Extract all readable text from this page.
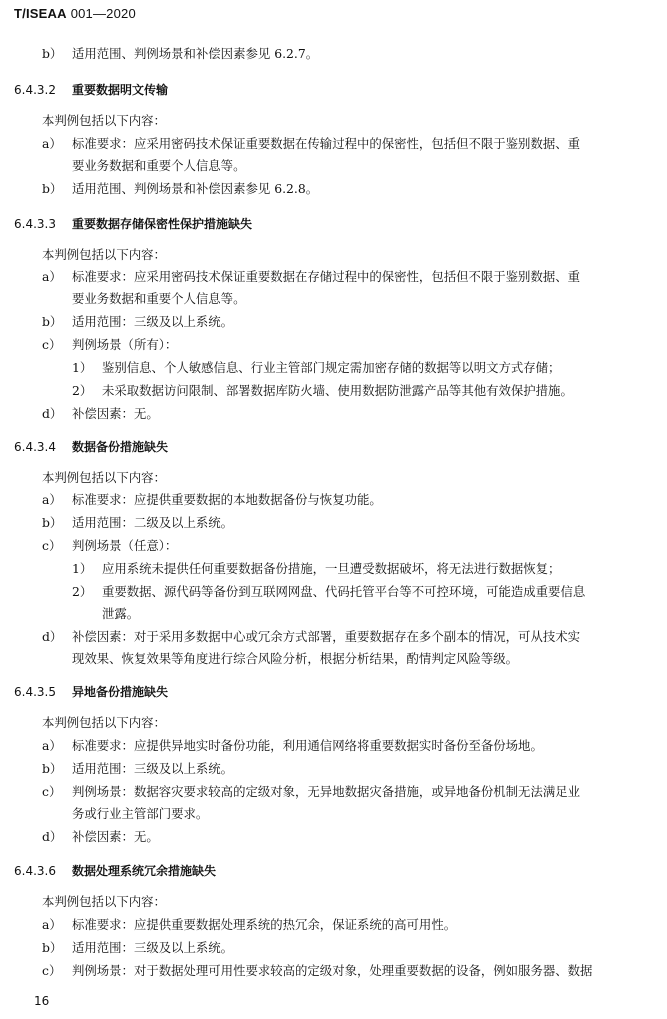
T/ISEAA 001—2020
b） 适用范围、判例场景和补偿因素参见 6.2.7。
6.4.3.2 重要数据明文传输
本判例包括以下内容：
a） 标准要求：应采用密码技术保证重要数据在传输过程中的保密性，包括但不限于鉴别数据、重
要业务数据和重要个人信息等。
b） 适用范围、判例场景和补偿因素参见 6.2.8。
6.4.3.3 重要数据存储保密性保护措施缺失
本判例包括以下内容：
a） 标准要求：应采用密码技术保证重要数据在存储过程中的保密性，包括但不限于鉴别数据、重
要业务数据和重要个人信息等。
b） 适用范围：三级及以上系统。
c） 判例场景（所有）：
1） 鉴别信息、个人敏感信息、行业主管部门规定需加密存储的数据等以明文方式存储；
2） 未采取数据访问限制、部署数据库防火墙、使用数据防泄露产品等其他有效保护措施。
d） 补偿因素：无。
6.4.3.4 数据备份措施缺失
本判例包括以下内容：
a） 标准要求：应提供重要数据的本地数据备份与恢复功能。
b） 适用范围：二级及以上系统。
c） 判例场景（任意）：
1） 应用系统未提供任何重要数据备份措施，一旦遭受数据破坏，将无法进行数据恢复；
2） 重要数据、源代码等备份到互联网网盘、代码托管平台等不可控环境，可能造成重要信息
泄露。
d） 补偿因素：对于采用多数据中心或冗余方式部署，重要数据存在多个副本的情况，可从技术实
现效果、恢复效果等角度进行综合风险分析，根据分析结果，酌情判定风险等级。
6.4.3.5 异地备份措施缺失
本判例包括以下内容：
a） 标准要求：应提供异地实时备份功能，利用通信网络将重要数据实时备份至备份场地。
b） 适用范围：三级及以上系统。
c） 判例场景：数据容灾要求较高的定级对象，无异地数据灾备措施，或异地备份机制无法满足业
务或行业主管部门要求。
d） 补偿因素：无。
6.4.3.6 数据处理系统冗余措施缺失
本判例包括以下内容：
a） 标准要求：应提供重要数据处理系统的热冗余，保证系统的高可用性。
b） 适用范围：三级及以上系统。
c） 判例场景：对于数据处理可用性要求较高的定级对象，处理重要数据的设备，例如服务器、数据
16
